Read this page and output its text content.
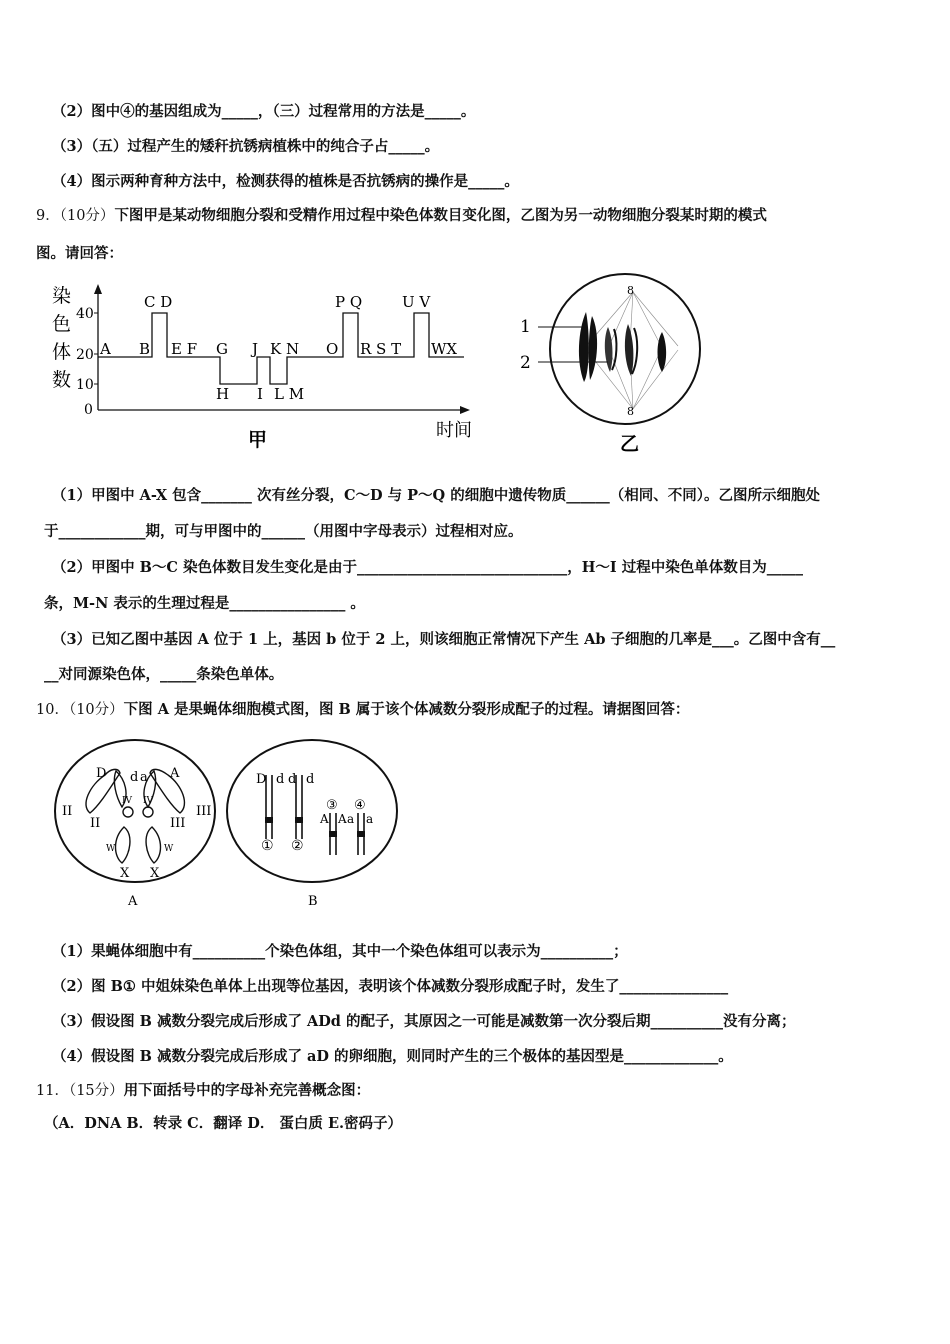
（2）图中④的基因组成为_____，（三）过程常用的方法是_____。
（3）（五）过程产生的矮秆抗锈病植株中的纯合子占_____。
（4）图示两种育种方法中，检测获得的植株是否抗锈病的操作是_____。
9．（10分）下图甲是某动物细胞分裂和受精作用过程中染色体数目变化图，乙图为另一动物细胞分裂某时期的模式
图。请回答：
染
色
体
数
40
20
10
0
C D	P Q	U V
A B E F G J K N O R S T WX
H I L M
时间
甲
8
8
1
2
乙
（1）甲图中 A-X 包含_______ 次有丝分裂，C～D 与 P～Q 的细胞中遗传物质______（相同、不同）。乙图所示细胞处
于____________期，可与甲图中的______（用图中字母表示）过程相对应。
（2）甲图中 B～C 染色体数目发生变化是由于_____________________________，H～I 过程中染色单体数目为_____
条，M-N 表示的生理过程是________________ 。
（3）已知乙图中基因 A 位于 1 上，基因 b 位于 2 上，则该细胞正常情况下产生 Ab 子细胞的几率是___。乙图中含有__
__对同源染色体，_____条染色单体。
10．（10分）下图 A 是果蝇体细胞模式图，图 B 属于该个体减数分裂形成配子的过程。请据图回答：
D d a A
II
II
IV IV
III
III
W	W
X X
A
D d d d
③ ④
A A a a
① ②
B
（1）果蝇体细胞中有__________个染色体组，其中一个染色体组可以表示为__________；
（2）图 B① 中姐妹染色单体上出现等位基因，表明该个体减数分裂形成配子时，发生了_______________
（3）假设图 B 减数分裂完成后形成了 ADd 的配子，其原因之一可能是减数第一次分裂后期__________没有分离；
（4）假设图 B 减数分裂完成后形成了 aD 的卵细胞，则同时产生的三个极体的基因型是_____________。
11．（15分）用下面括号中的字母补充完善概念图：
（A．DNA B．转录 C．翻译 D． 蛋白质 E.密码子）
